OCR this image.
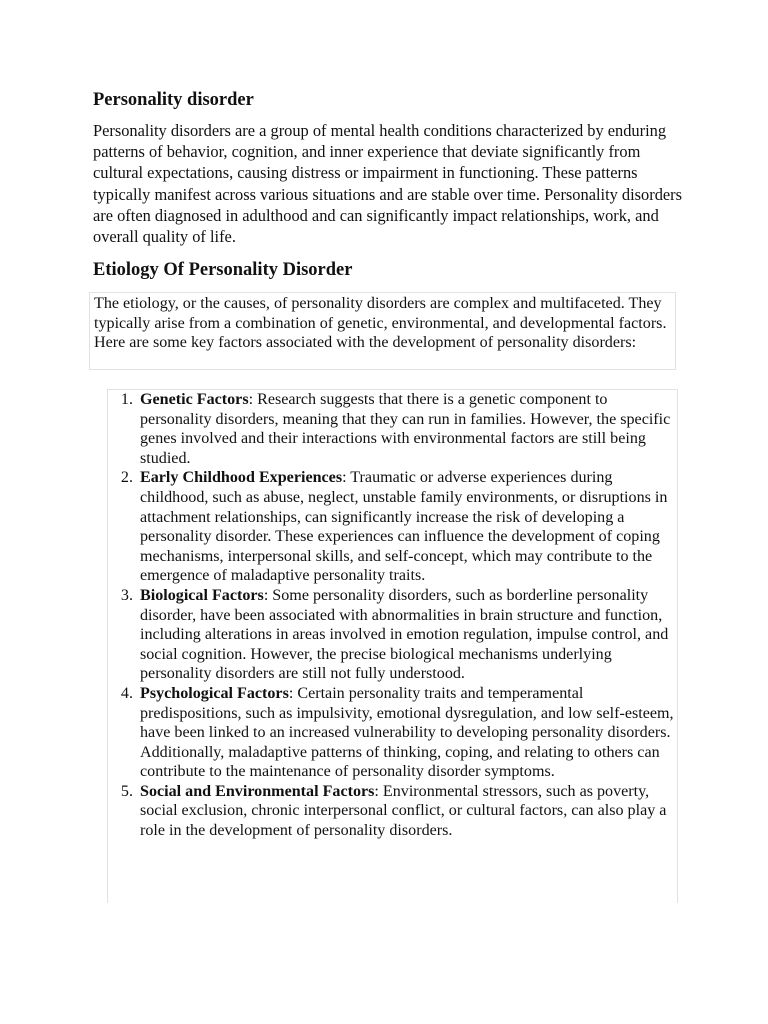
Personality disorder

Personality disorders are a group of mental health conditions characterized by enduring patterns of behavior, cognition, and inner experience that deviate significantly from cultural expectations, causing distress or impairment in functioning. These patterns typically manifest across various situations and are stable over time. Personality disorders are often diagnosed in adulthood and can significantly impact relationships, work, and overall quality of life.

Etiology Of Personality Disorder
The etiology, or the causes, of personality disorders are complex and multifaceted. They typically arise from a combination of genetic, environmental, and developmental factors. Here are some key factors associated with the development of personality disorders:
1. Genetic Factors: Research suggests that there is a genetic component to personality disorders, meaning that they can run in families. However, the specific genes involved and their interactions with environmental factors are still being studied.
2. Early Childhood Experiences: Traumatic or adverse experiences during childhood, such as abuse, neglect, unstable family environments, or disruptions in attachment relationships, can significantly increase the risk of developing a personality disorder. These experiences can influence the development of coping mechanisms, interpersonal skills, and self-concept, which may contribute to the emergence of maladaptive personality traits.
3. Biological Factors: Some personality disorders, such as borderline personality disorder, have been associated with abnormalities in brain structure and function, including alterations in areas involved in emotion regulation, impulse control, and social cognition. However, the precise biological mechanisms underlying personality disorders are still not fully understood.
4. Psychological Factors: Certain personality traits and temperamental predispositions, such as impulsivity, emotional dysregulation, and low self-esteem, have been linked to an increased vulnerability to developing personality disorders. Additionally, maladaptive patterns of thinking, coping, and relating to others can contribute to the maintenance of personality disorder symptoms.
5. Social and Environmental Factors: Environmental stressors, such as poverty, social exclusion, chronic interpersonal conflict, or cultural factors, can also play a role in the development of personality disorders.
